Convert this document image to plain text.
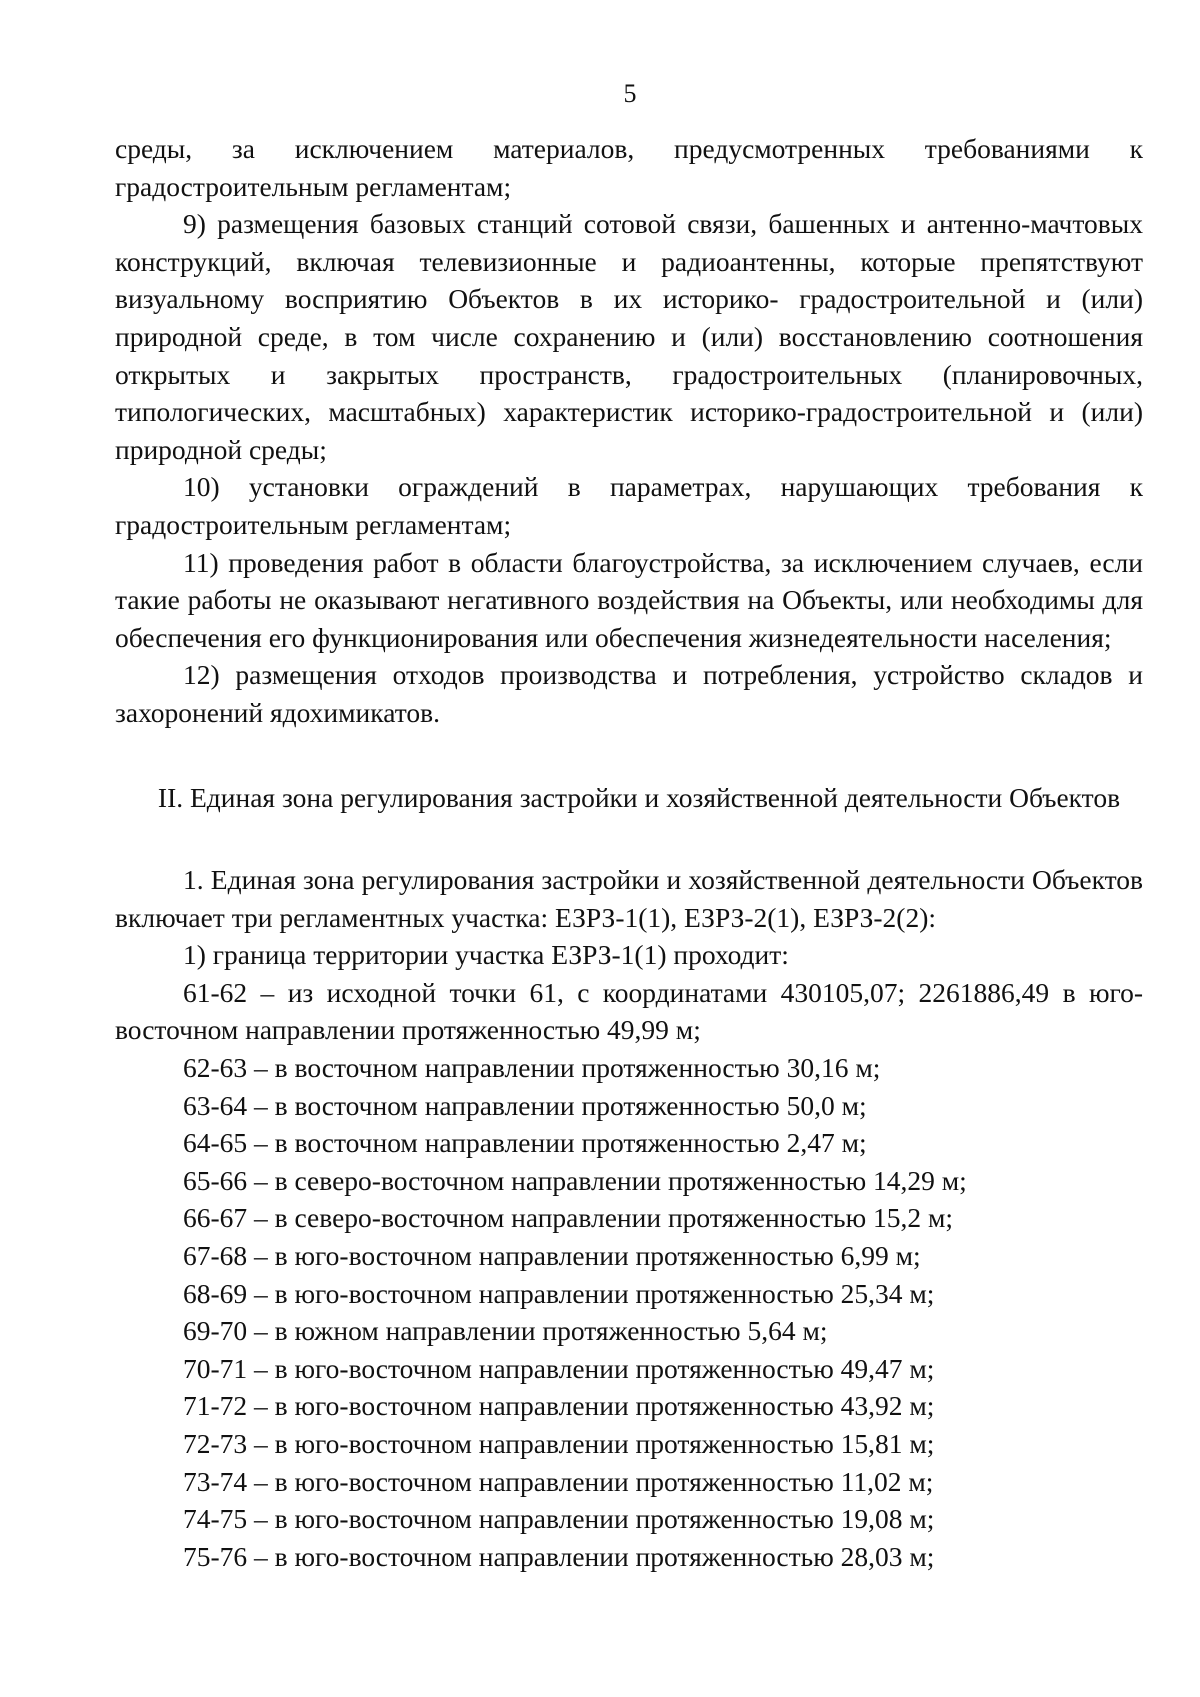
5

среды, за исключением материалов, предусмотренных требованиями к градостроительным регламентам;

9) размещения базовых станций сотовой связи, башенных и антенно-мачтовых конструкций, включая телевизионные и радиоантенны, которые препятствуют визуальному восприятию Объектов в их историко- градостроительной и (или) природной среде, в том числе сохранению и (или) восстановлению соотношения открытых и закрытых пространств, градостроительных (планировочных, типологических, масштабных) характеристик историко-градостроительной и (или) природной среды;

10) установки ограждений в параметрах, нарушающих требования к градостроительным регламентам;

11) проведения работ в области благоустройства, за исключением случаев, если такие работы не оказывают негативного воздействия на Объекты, или необходимы для обеспечения его функционирования или обеспечения жизнедеятельности населения;

12) размещения отходов производства и потребления, устройство складов и захоронений ядохимикатов.

II. Единая зона регулирования застройки и хозяйственной деятельности Объектов

1. Единая зона регулирования застройки и хозяйственной деятельности Объектов включает три регламентных участка: ЕЗРЗ-1(1), ЕЗРЗ-2(1), ЕЗРЗ-2(2):

1) граница территории участка ЕЗРЗ-1(1) проходит:

61-62 – из исходной точки 61, с координатами 430105,07; 2261886,49 в юго-восточном направлении протяженностью 49,99 м;

62-63 – в восточном направлении протяженностью 30,16 м;

63-64 – в восточном направлении протяженностью 50,0 м;

64-65 – в восточном направлении протяженностью 2,47 м;

65-66 – в северо-восточном направлении протяженностью 14,29 м;

66-67 – в северо-восточном направлении протяженностью 15,2 м;

67-68 – в юго-восточном направлении протяженностью 6,99 м;

68-69 – в юго-восточном направлении протяженностью 25,34 м;

69-70 – в южном направлении протяженностью 5,64 м;

70-71 – в юго-восточном направлении протяженностью 49,47 м;

71-72 – в юго-восточном направлении протяженностью 43,92 м;

72-73 – в юго-восточном направлении протяженностью 15,81 м;

73-74 – в юго-восточном направлении протяженностью 11,02 м;

74-75 – в юго-восточном направлении протяженностью 19,08 м;

75-76 – в юго-восточном направлении протяженностью 28,03 м;
